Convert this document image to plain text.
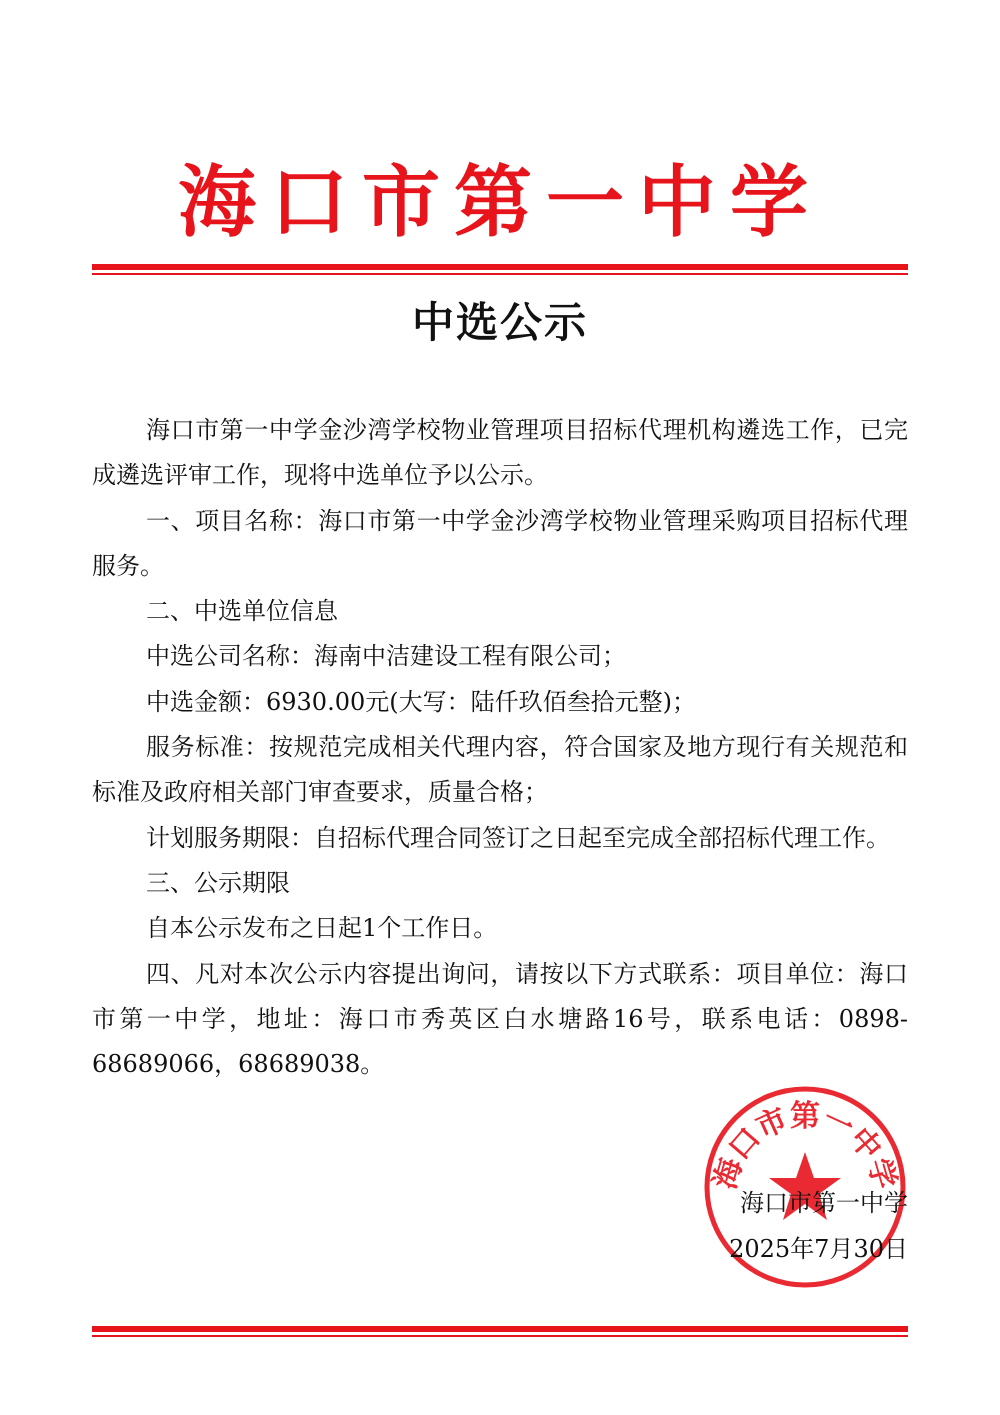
海口市第一中学
中选公示

海口市第一中学金沙湾学校物业管理项目招标代理机构遴选工作，已完成遴选评审工作，现将中选单位予以公示。

一、项目名称：海口市第一中学金沙湾学校物业管理采购项目招标代理服务。

二、中选单位信息

中选公司名称：海南中洁建设工程有限公司；

中选金额：6930.00元(大写：陆仟玖佰叁拾元整)；

服务标准：按规范完成相关代理内容，符合国家及地方现行有关规范和标准及政府相关部门审查要求，质量合格；

计划服务期限：自招标代理合同签订之日起至完成全部招标代理工作。

三、公示期限

自本公示发布之日起1个工作日。

四、凡对本次公示内容提出询问，请按以下方式联系：项目单位：海口市第一中学，地址：海口市秀英区白水塘路16号，联系电话：0898-68689066，68689038。

海口市第一中学
海口市第一中学
2025年7月30日
